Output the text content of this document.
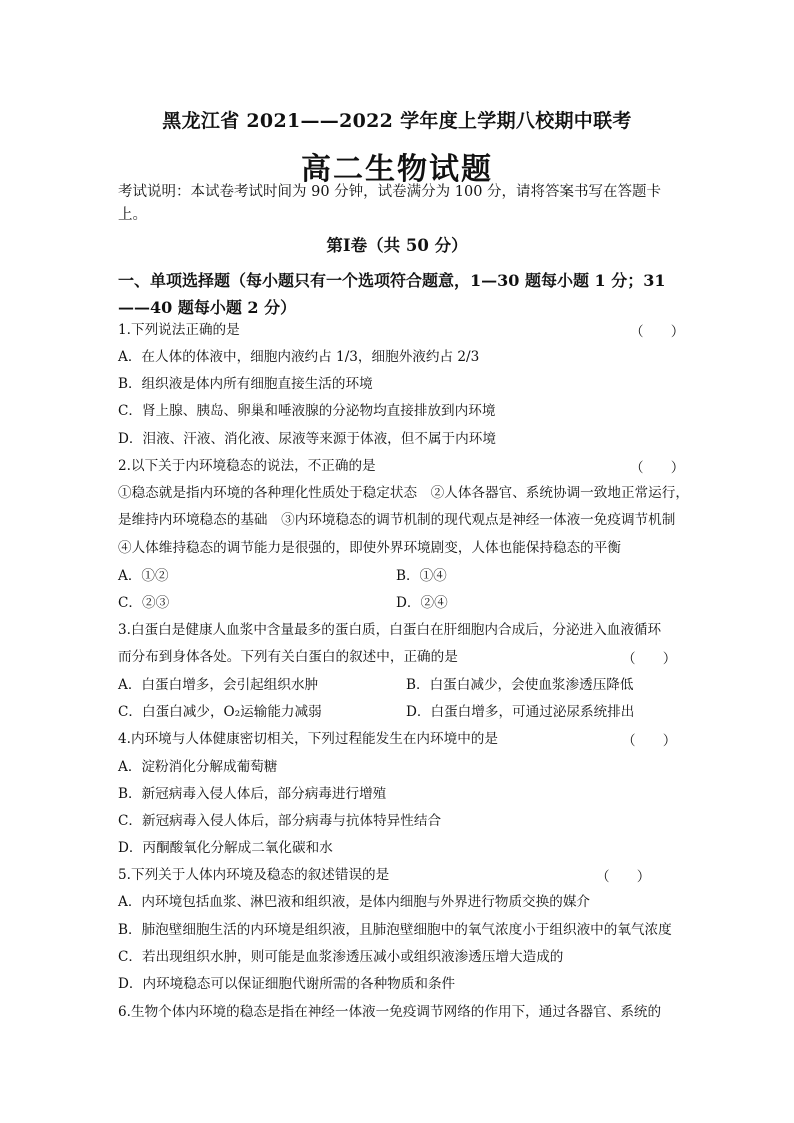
黑龙江省 2021——2022 学年度上学期八校期中联考
高二生物试题
考试说明：本试卷考试时间为 90 分钟，试卷满分为 100 分，请将答案书写在答题卡上。
第Ⅰ卷（共 50 分）
一、单项选择题（每小题只有一个选项符合题意，1—30 题每小题 1 分；31——40 题每小题 2 分）
1.下列说法正确的是	（　　）
A．在人体的体液中，细胞内液约占 1/3，细胞外液约占 2/3
B．组织液是体内所有细胞直接生活的环境
C．肾上腺、胰岛、卵巢和唾液腺的分泌物均直接排放到内环境
D．泪液、汗液、消化液、尿液等来源于体液，但不属于内环境
2.以下关于内环境稳态的说法，不正确的是	（　　）
①稳态就是指内环境的各种理化性质处于稳定状态　②人体各器官、系统协调一致地正常运行，
是维持内环境稳态的基础　③内环境稳态的调节机制的现代观点是神经一体液一免疫调节机制
④人体维持稳态的调节能力是很强的，即使外界环境剧变，人体也能保持稳态的平衡
A．①②	B．①④
C．②③	D．②④
3.白蛋白是健康人血浆中含量最多的蛋白质，白蛋白在肝细胞内合成后，分泌进入血液循环
而分布到身体各处。下列有关白蛋白的叙述中，正确的是	（　　）
A．白蛋白增多，会引起组织水肿	B．白蛋白减少，会使血浆渗透压降低
C．白蛋白减少，O₂运输能力减弱	D．白蛋白增多，可通过泌尿系统排出
4.内环境与人体健康密切相关，下列过程能发生在内环境中的是	（　　）
A．淀粉消化分解成葡萄糖
B．新冠病毒入侵人体后，部分病毒进行增殖
C．新冠病毒入侵人体后，部分病毒与抗体特异性结合
D．丙酮酸氧化分解成二氧化碳和水
5.下列关于人体内环境及稳态的叙述错误的是	（　　）
A．内环境包括血浆、淋巴液和组织液，是体内细胞与外界进行物质交换的媒介
B．肺泡壁细胞生活的内环境是组织液，且肺泡壁细胞中的氧气浓度小于组织液中的氧气浓度
C．若出现组织水肿，则可能是血浆渗透压减小或组织液渗透压增大造成的
D．内环境稳态可以保证细胞代谢所需的各种物质和条件
6.生物个体内环境的稳态是指在神经一体液一免疫调节网络的作用下，通过各器官、系统的
